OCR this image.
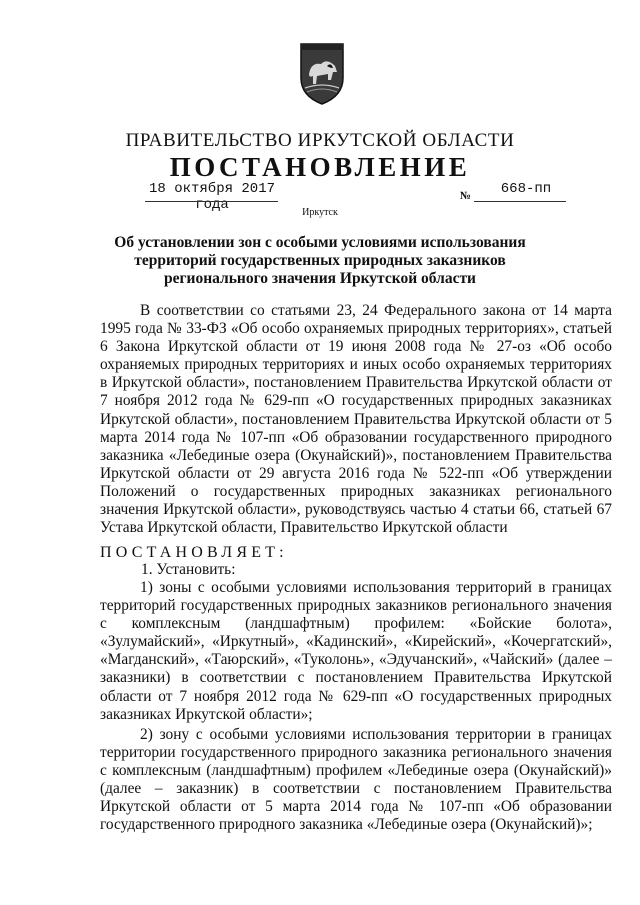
ПРАВИТЕЛЬСТВО ИРКУТСКОЙ ОБЛАСТИ
ПОСТАНОВЛЕНИЕ
18 октября 2017 года
№	668-пп
Иркутск
Об установлении зон с особыми условиями использования территорий государственных природных заказников регионального значения Иркутской области

В соответствии со статьями 23, 24 Федерального закона от 14 марта 1995 года № 33-ФЗ «Об особо охраняемых природных территориях», статьей 6 Закона Иркутской области от 19 июня 2008 года № 27-оз «Об особо охраняемых природных территориях и иных особо охраняемых территориях в Иркутской области», постановлением Правительства Иркутской области от 7 ноября 2012 года № 629-пп «О государственных природных заказниках Иркутской области», постановлением Правительства Иркутской области от 5 марта 2014 года № 107-пп «Об образовании государственного природного заказника «Лебединые озера (Окунайский)», постановлением Правительства Иркутской области от 29 августа 2016 года № 522-пп «Об утверждении Положений о государственных природных заказниках регионального значения Иркутской области», руководствуясь частью 4 статьи 66, статьей 67 Устава Иркутской области, Правительство Иркутской области

ПОСТАНОВЛЯЕТ:
1. Установить:

1) зоны с особыми условиями использования территорий в границах территорий государственных природных заказников регионального значения с комплексным (ландшафтным) профилем: «Бойские болота», «Зулумайский», «Иркутный», «Кадинский», «Кирейский», «Кочергатский», «Магданский», «Таюрский», «Туколонь», «Эдучанский», «Чайский» (далее – заказники) в соответствии с постановлением Правительства Иркутской области от 7 ноября 2012 года № 629-пп «О государственных природных заказниках Иркутской области»;

2) зону с особыми условиями использования территории в границах территории государственного природного заказника регионального значения с комплексным (ландшафтным) профилем «Лебединые озера (Окунайский)» (далее – заказник) в соответствии с постановлением Правительства Иркутской области от 5 марта 2014 года № 107-пп «Об образовании государственного природного заказника «Лебединые озера (Окунайский)»;
